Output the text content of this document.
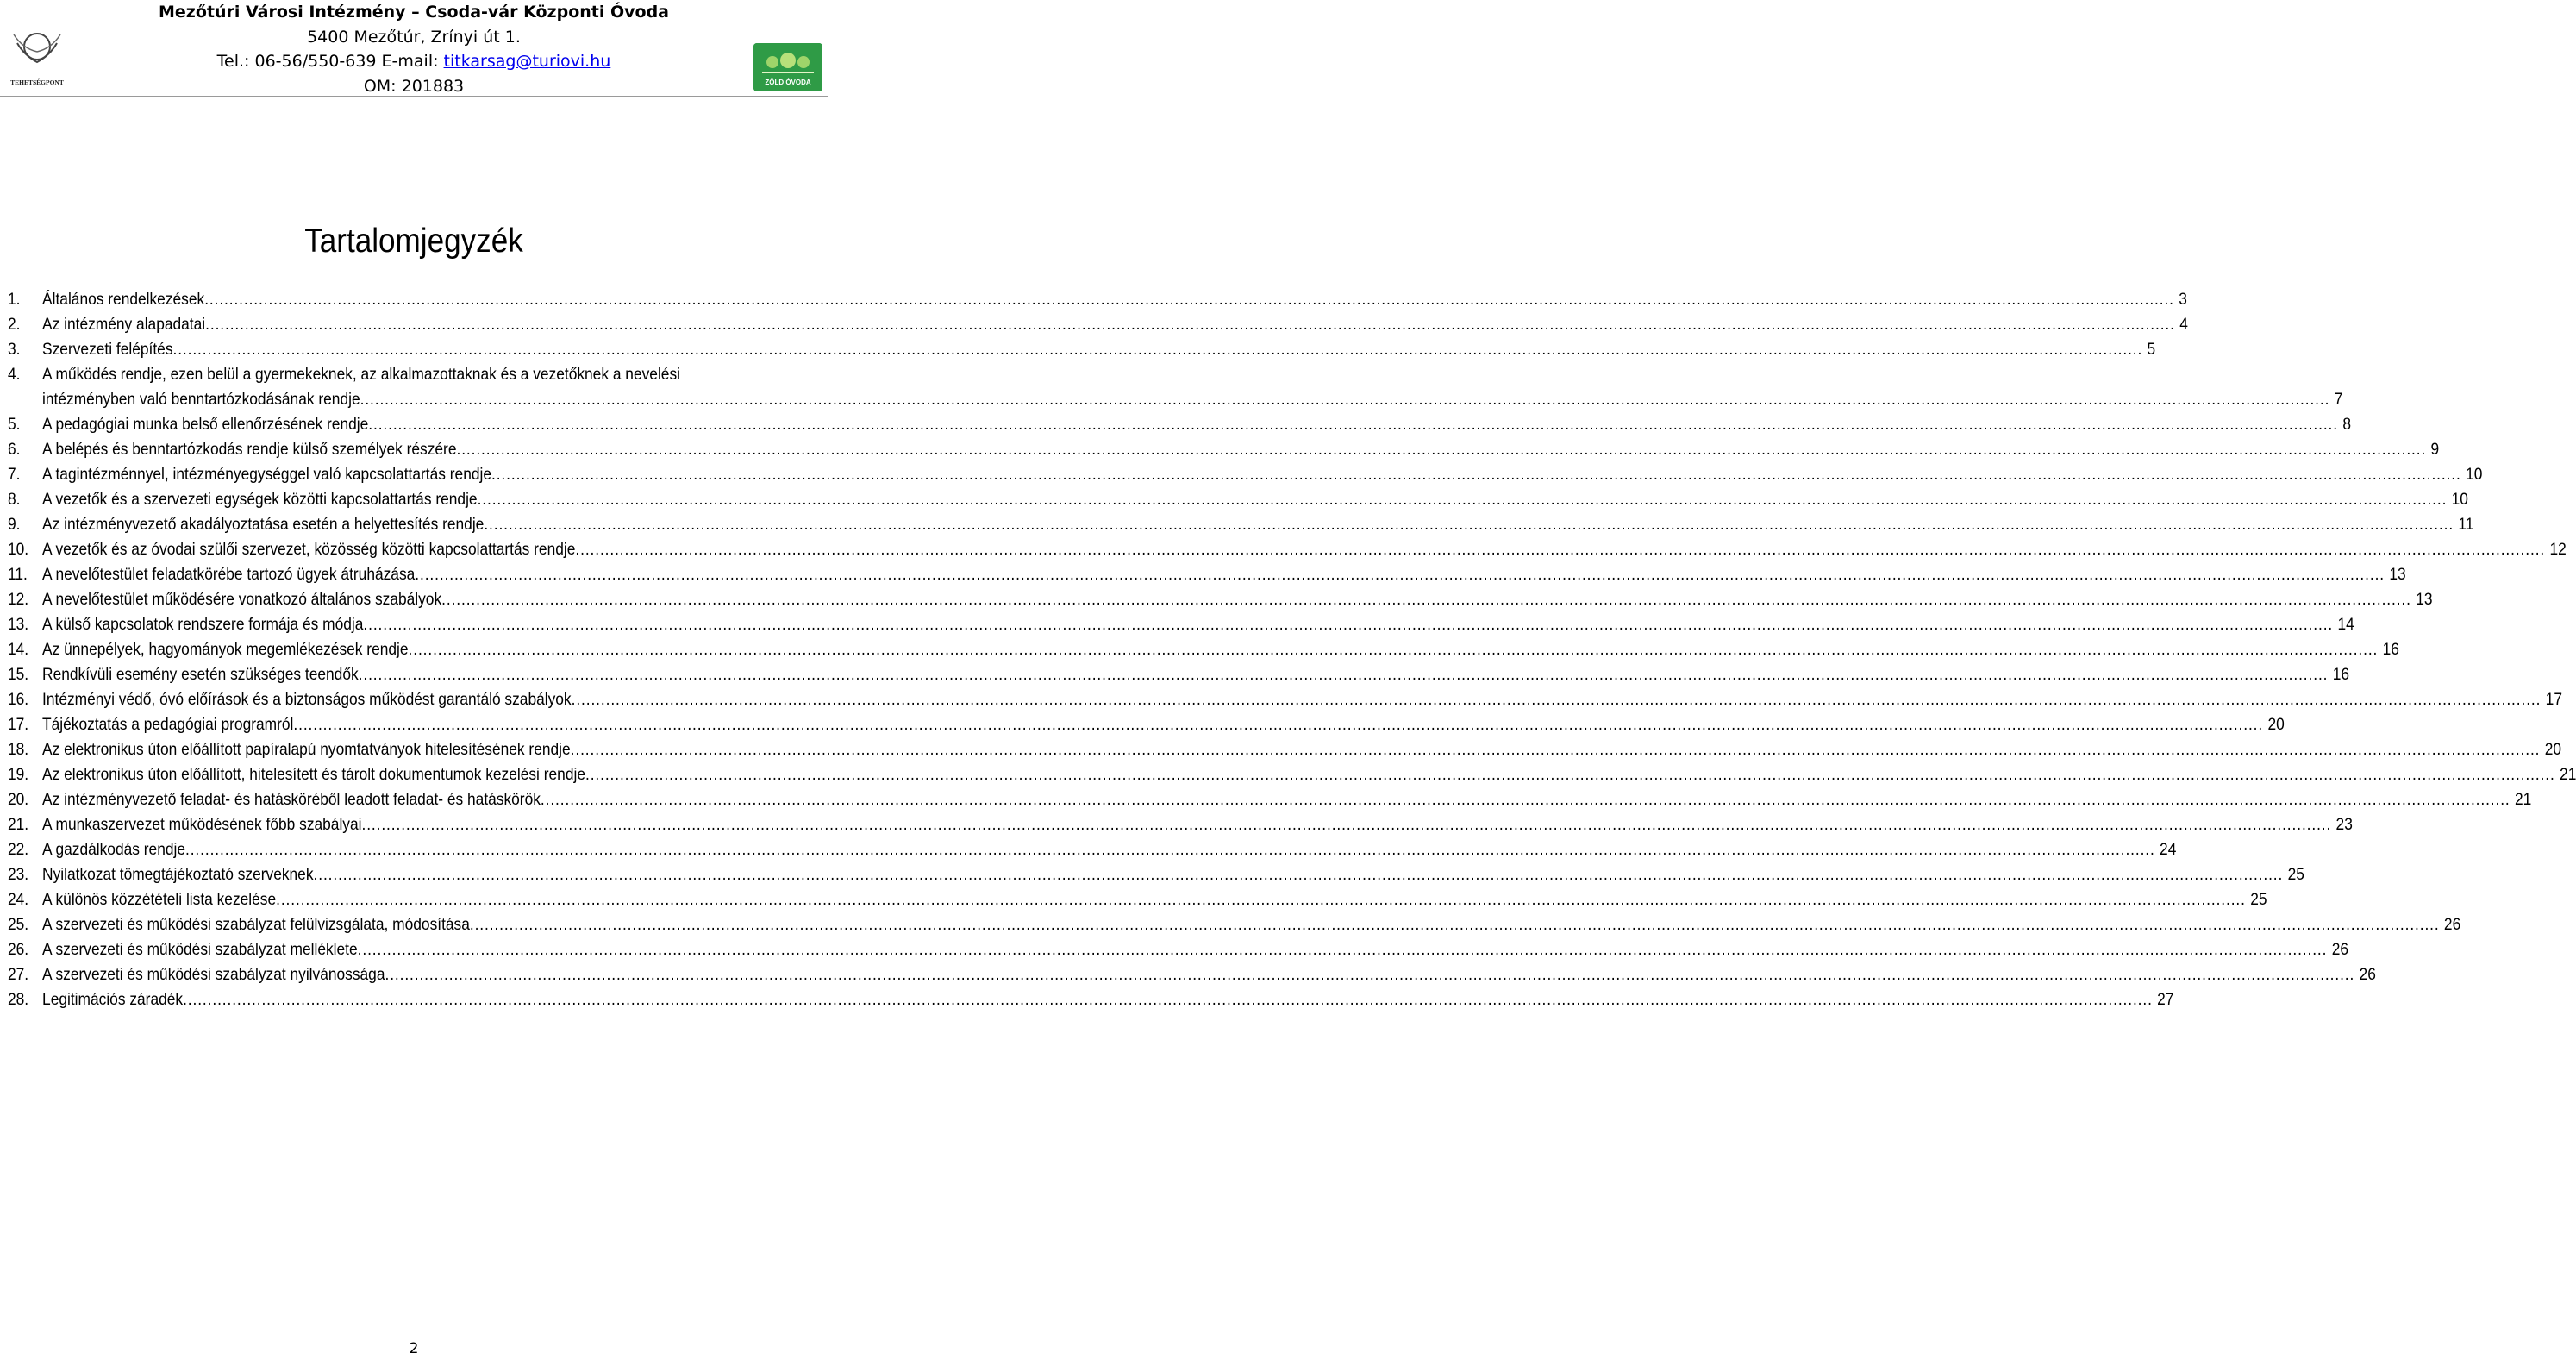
TEHETSÉGPONT
Mezőtúri Városi Intézmény – Csoda-vár Központi Óvoda
5400 Mezőtúr, Zrínyi út 1.
Tel.: 06-56/550-639 E-mail: titkarsag@turiovi.hu
OM: 201883	ZÖLD ÓVODA
Tartalomjegyzék
1. Általános rendelkezések ................................................................................................................................................................................................................................................................................................................................................................................................................ 3
2. Az intézmény alapadatai ................................................................................................................................................................................................................................................................................................................................................................................................................ 4
3. Szervezeti felépítés ................................................................................................................................................................................................................................................................................................................................................................................................................ 5
4. A működés rendje, ezen belül a gyermekeknek, az alkalmazottaknak és a vezetőknek a nevelési
intézményben való benntartózkodásának rendje ................................................................................................................................................................................................................................................................................................................................................................................................................ 7
5. A pedagógiai munka belső ellenőrzésének rendje ................................................................................................................................................................................................................................................................................................................................................................................................................ 8
6. A belépés és benntartózkodás rendje külső személyek részére ................................................................................................................................................................................................................................................................................................................................................................................................................ 9
7. A tagintézménnyel, intézményegységgel való kapcsolattartás rendje ................................................................................................................................................................................................................................................................................................................................................................................................................ 10
8. A vezetők és a szervezeti egységek közötti kapcsolattartás rendje ................................................................................................................................................................................................................................................................................................................................................................................................................ 10
9. Az intézményvezető akadályoztatása esetén a helyettesítés rendje ................................................................................................................................................................................................................................................................................................................................................................................................................ 11
10. A vezetők és az óvodai szülői szervezet, közösség közötti kapcsolattartás rendje ................................................................................................................................................................................................................................................................................................................................................................................................................ 12
11. A nevelőtestület feladatkörébe tartozó ügyek átruházása ................................................................................................................................................................................................................................................................................................................................................................................................................ 13
12. A nevelőtestület működésére vonatkozó általános szabályok ................................................................................................................................................................................................................................................................................................................................................................................................................ 13
13. A külső kapcsolatok rendszere formája és módja ................................................................................................................................................................................................................................................................................................................................................................................................................ 14
14. Az ünnepélyek, hagyományok megemlékezések rendje ................................................................................................................................................................................................................................................................................................................................................................................................................ 16
15. Rendkívüli esemény esetén szükséges teendők ................................................................................................................................................................................................................................................................................................................................................................................................................ 16
16. Intézményi védő, óvó előírások és a biztonságos működést garantáló szabályok ................................................................................................................................................................................................................................................................................................................................................................................................................ 17
17. Tájékoztatás a pedagógiai programról ................................................................................................................................................................................................................................................................................................................................................................................................................ 20
18. Az elektronikus úton előállított papíralapú nyomtatványok hitelesítésének rendje ................................................................................................................................................................................................................................................................................................................................................................................................................ 20
19. Az elektronikus úton előállított, hitelesített és tárolt dokumentumok kezelési rendje ................................................................................................................................................................................................................................................................................................................................................................................................................ 21
20. Az intézményvezető feladat- és hatásköréből leadott feladat- és hatáskörök ................................................................................................................................................................................................................................................................................................................................................................................................................ 21
21. A munkaszervezet működésének főbb szabályai ................................................................................................................................................................................................................................................................................................................................................................................................................ 23
22. A gazdálkodás rendje ................................................................................................................................................................................................................................................................................................................................................................................................................ 24
23. Nyilatkozat tömegtájékoztató szerveknek ................................................................................................................................................................................................................................................................................................................................................................................................................ 25
24. A különös közzétételi lista kezelése ................................................................................................................................................................................................................................................................................................................................................................................................................ 25
25. A szervezeti és működési szabályzat felülvizsgálata, módosítása ................................................................................................................................................................................................................................................................................................................................................................................................................ 26
26. A szervezeti és működési szabályzat melléklete ................................................................................................................................................................................................................................................................................................................................................................................................................ 26
27. A szervezeti és működési szabályzat nyilvánossága ................................................................................................................................................................................................................................................................................................................................................................................................................ 26
28. Legitimációs záradék ................................................................................................................................................................................................................................................................................................................................................................................................................ 27
2
